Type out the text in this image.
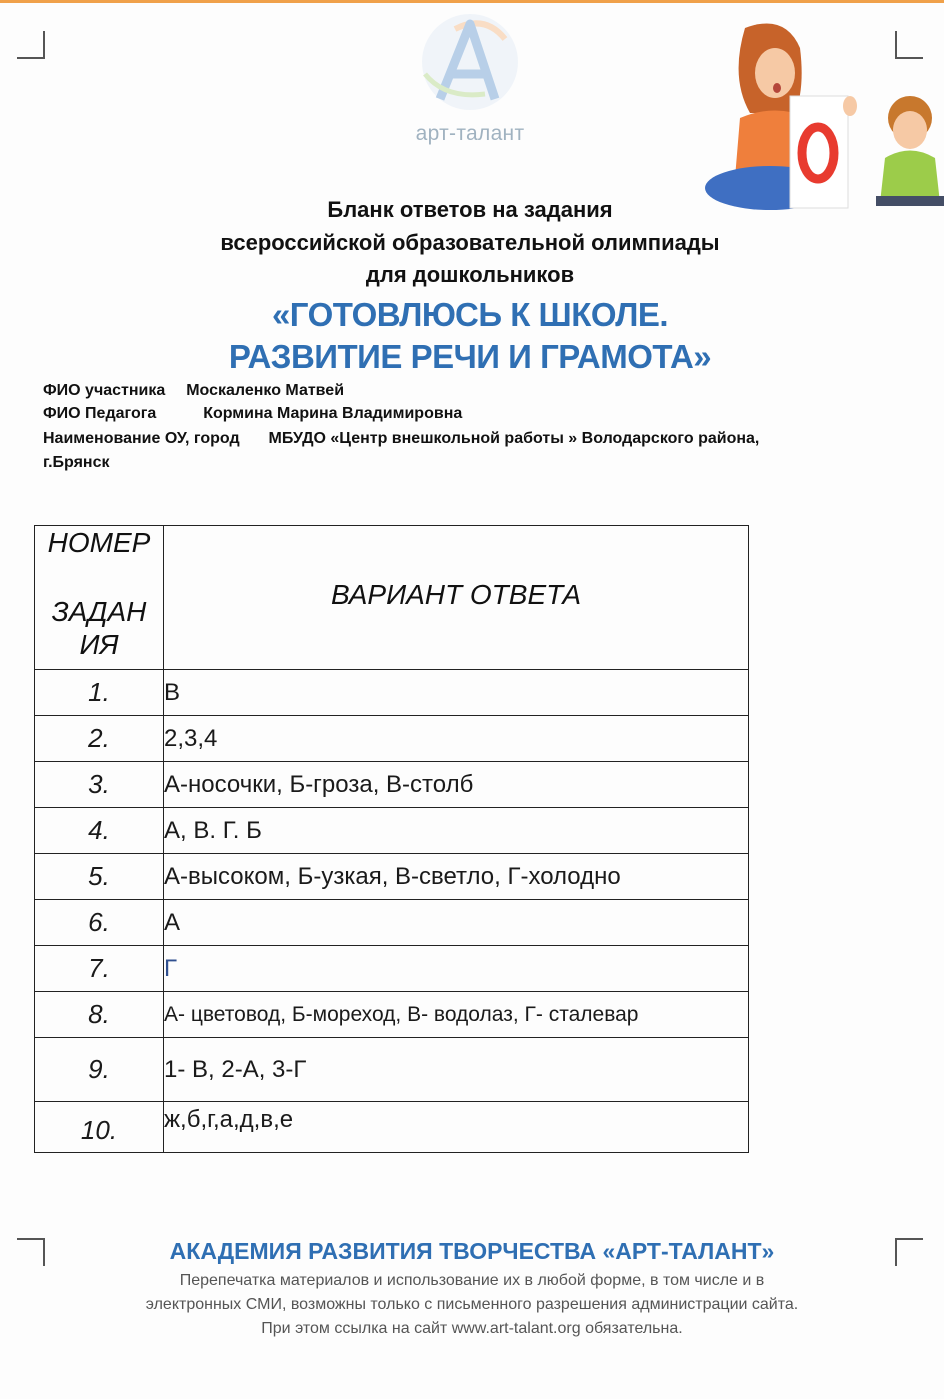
арт-талант
Бланк ответов на задания
всероссийской образовательной олимпиады
для дошкольников
«ГОТОВЛЮСЬ К ШКОЛЕ.
РАЗВИТИЕ РЕЧИ И ГРАМОТА»
ФИО участника Москаленко Матвей
ФИО Педагога	Кормина Марина Владимировна
Наименование ОУ, город МБУДО «Центр внешкольной работы » Володарского района,
г.Брянск
НОМЕР
ЗАДАН
ИЯ	ВАРИАНТ ОТВЕТА

1.	В
2.	2,3,4
3.	А-носочки, Б-гроза, В-столб
4.	А, В. Г. Б
5.	А-высоком, Б-узкая, В-светло, Г-холодно
6.	А
7.	Г
8.	А- цветовод, Б-мореход, В- водолаз, Г- сталевар
9.	1- В, 2-А, 3-Г
10.	ж,б,г,а,д,в,е
АКАДЕМИЯ РАЗВИТИЯ ТВОРЧЕСТВА «АРТ-ТАЛАНТ»
Перепечатка материалов и использование их в любой форме, в том числе и в
электронных СМИ, возможны только с письменного разрешения администрации сайта.
При этом ссылка на сайт www.art-talant.org обязательна.
